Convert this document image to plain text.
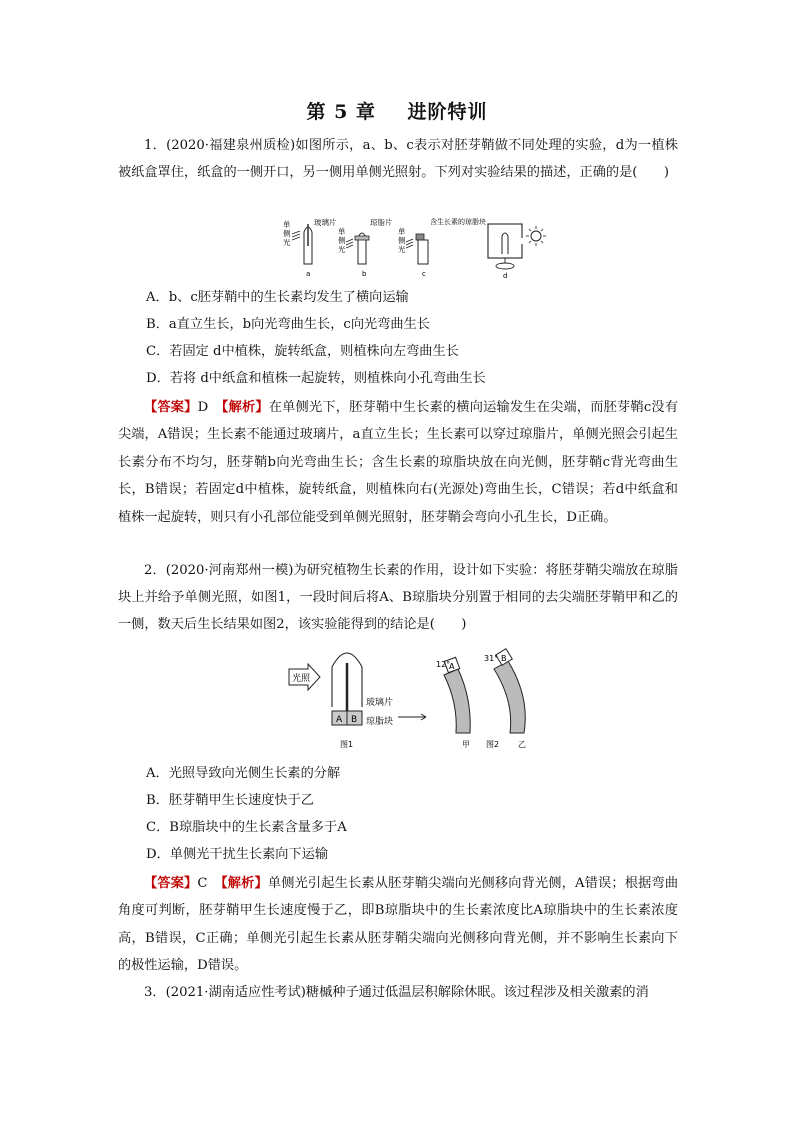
第 5 章 进阶特训
1．(2020·福建泉州质检)如图所示，a、b、c表示对胚芽鞘做不同处理的实验，d为一植株被纸盒罩住，纸盒的一侧开口，另一侧用单侧光照射。下列对实验结果的描述，正确的是(　　)
单侧光
玻璃片
a
单侧光
琼脂片
b
单侧光
含生长素的琼脂块
c	d
A．b、c胚芽鞘中的生长素均发生了横向运输
B．a直立生长，b向光弯曲生长，c向光弯曲生长
C．若固定 d中植株，旋转纸盒，则植株向左弯曲生长
D．若将 d中纸盒和植株一起旋转，则植株向小孔弯曲生长
【答案】D　 【解析】在单侧光下，胚芽鞘中生长素的横向运输发生在尖端，而胚芽鞘c没有尖端，A错误；生长素不能通过玻璃片，a直立生长；生长素可以穿过琼脂片，单侧光照会引起生长素分布不均匀，胚芽鞘b向光弯曲生长；含生长素的琼脂块放在向光侧，胚芽鞘c背光弯曲生长，B错误；若固定d中植株，旋转纸盒，则植株向右(光源处)弯曲生长，C错误；若d中纸盒和植株一起旋转，则只有小孔部位能受到单侧光照射，胚芽鞘会弯向小孔生长，D正确。
2．(2020·河南郑州一模)为研究植物生长素的作用，设计如下实验：将胚芽鞘尖端放在琼脂块上并给予单侧光照，如图1，一段时间后将A、B琼脂块分别置于相同的去尖端胚芽鞘甲和乙的一侧，数天后生长结果如图2，该实验能得到的结论是(　　)
光照
A B
玻璃片
琼脂块
图1
A
12°
甲
B
31°
乙
图2
A．光照导致向光侧生长素的分解
B．胚芽鞘甲生长速度快于乙
C．B琼脂块中的生长素含量多于A
D．单侧光干扰生长素向下运输
【答案】C　 【解析】单侧光引起生长素从胚芽鞘尖端向光侧移向背光侧，A错误；根据弯曲角度可判断，胚芽鞘甲生长速度慢于乙，即B琼脂块中的生长素浓度比A琼脂块中的生长素浓度高，B错误，C正确；单侧光引起生长素从胚芽鞘尖端向光侧移向背光侧，并不影响生长素向下的极性运输，D错误。
3．(2021·湖南适应性考试)糖槭种子通过低温层积解除休眠。该过程涉及相关激素的消
